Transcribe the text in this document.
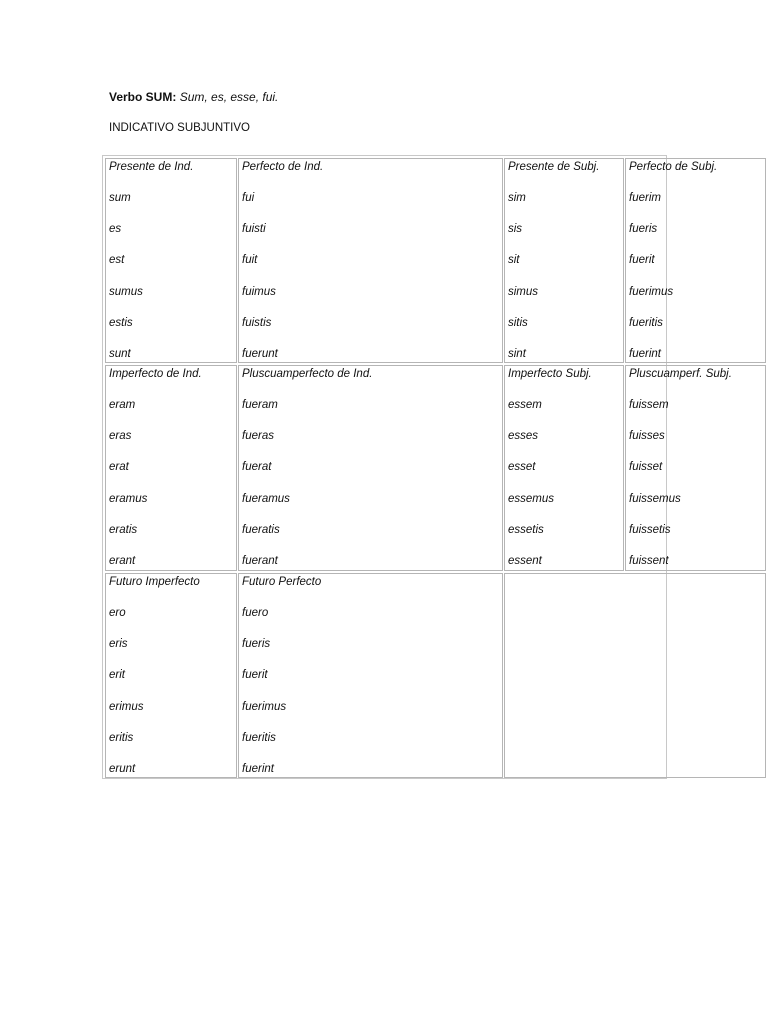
Verbo SUM: Sum, es, esse, fui.
INDICATIVO SUBJUNTIVO
Presente de Ind.
sum
es
est
sumus
estis
sunt
Perfecto de Ind.
fui
fuisti
fuit
fuimus
fuistis
fuerunt
Presente de Subj.
sim
sis
sit
simus
sitis
sint
Perfecto de Subj.
fuerim
fueris
fuerit
fuerimus
fueritis
fuerint
Imperfecto de Ind.
eram
eras
erat
eramus
eratis
erant
Pluscuamperfecto de Ind.
fueram
fueras
fuerat
fueramus
fueratis
fuerant
Imperfecto Subj.
essem
esses
esset
essemus
essetis
essent
Pluscuamperf. Subj.
fuissem
fuisses
fuisset
fuissemus
fuissetis
fuissent
Futuro Imperfecto
ero
eris
erit
erimus
eritis
erunt
Futuro Perfecto
fuero
fueris
fuerit
fuerimus
fueritis
fuerint
